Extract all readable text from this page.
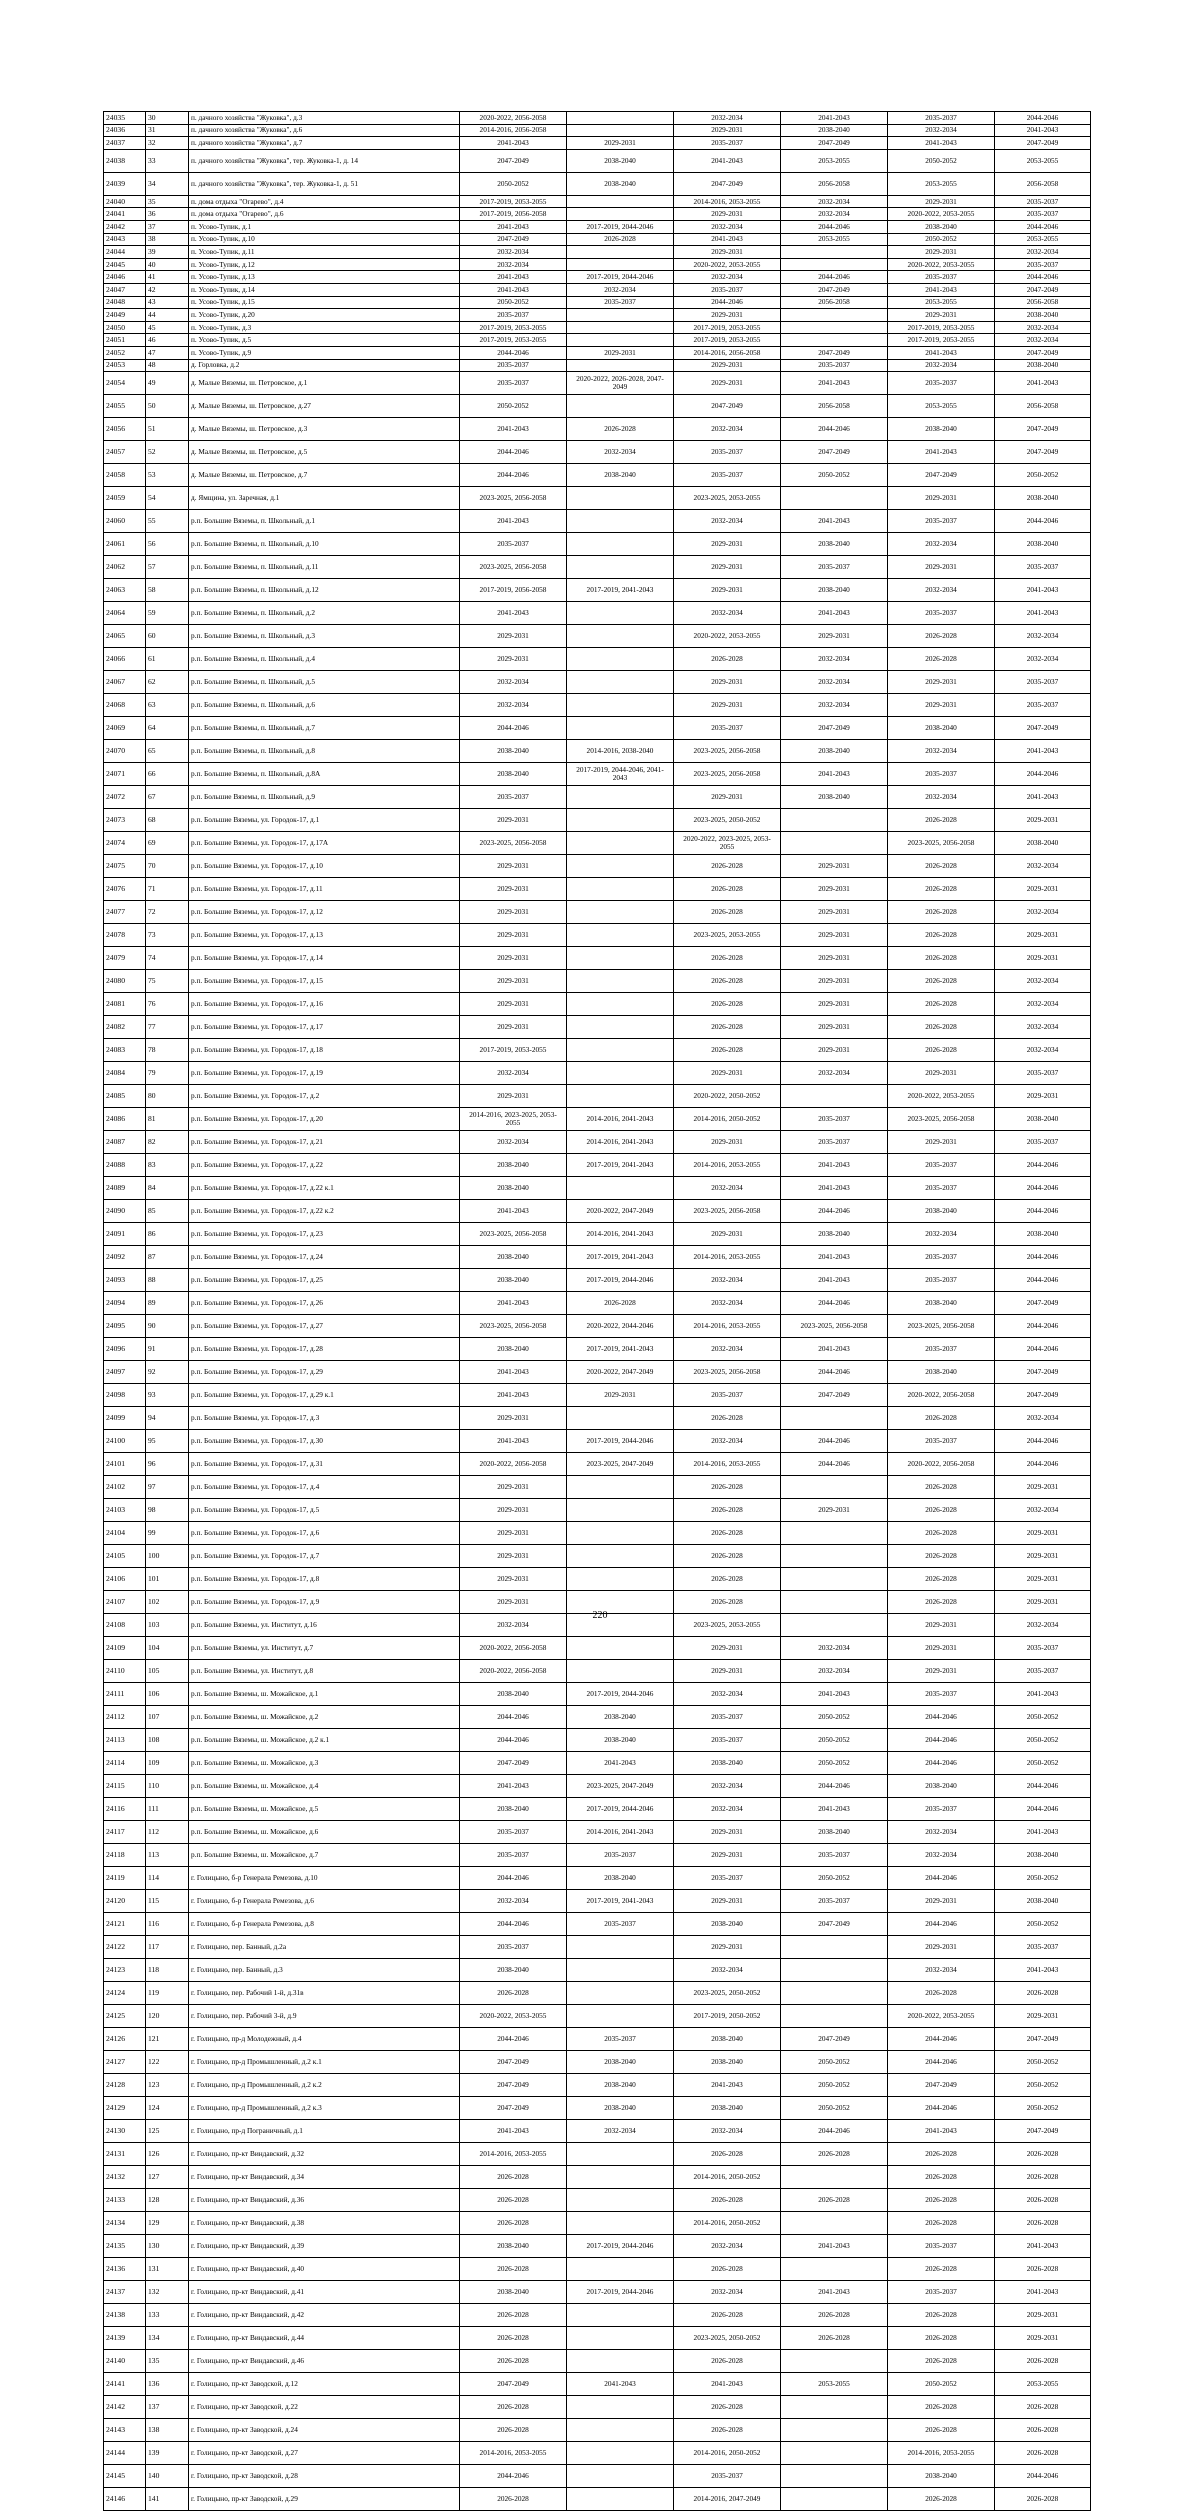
24035	30	п. дачного хозяйства "Жуковка", д.3	2020-2022, 2056-2058		2032-2034	2041-2043	2035-2037	2044-2046
24036	31	п. дачного хозяйства "Жуковка", д.6	2014-2016, 2056-2058		2029-2031	2038-2040	2032-2034	2041-2043
24037	32	п. дачного хозяйства "Жуковка", д.7	2041-2043	2029-2031	2035-2037	2047-2049	2041-2043	2047-2049
24038	33	п. дачного хозяйства "Жуковка", тер. Жуковка-1, д. 14	2047-2049	2038-2040	2041-2043	2053-2055	2050-2052	2053-2055
24039	34	п. дачного хозяйства "Жуковка", тер. Жуковка-1, д. 51	2050-2052	2038-2040	2047-2049	2056-2058	2053-2055	2056-2058
24040	35	п. дома отдыха "Огарево", д.4	2017-2019, 2053-2055		2014-2016, 2053-2055	2032-2034	2029-2031	2035-2037
24041	36	п. дома отдыха "Огарево", д.6	2017-2019, 2056-2058		2029-2031	2032-2034	2020-2022, 2053-2055	2035-2037
24042	37	п. Усово-Тупик, д.1	2041-2043	2017-2019, 2044-2046	2032-2034	2044-2046	2038-2040	2044-2046
24043	38	п. Усово-Тупик, д.10	2047-2049	2026-2028	2041-2043	2053-2055	2050-2052	2053-2055
24044	39	п. Усово-Тупик, д.11	2032-2034		2029-2031		2029-2031	2032-2034
24045	40	п. Усово-Тупик, д.12	2032-2034		2020-2022, 2053-2055		2020-2022, 2053-2055	2035-2037
24046	41	п. Усово-Тупик, д.13	2041-2043	2017-2019, 2044-2046	2032-2034	2044-2046	2035-2037	2044-2046
24047	42	п. Усово-Тупик, д.14	2041-2043	2032-2034	2035-2037	2047-2049	2041-2043	2047-2049
24048	43	п. Усово-Тупик, д.15	2050-2052	2035-2037	2044-2046	2056-2058	2053-2055	2056-2058
24049	44	п. Усово-Тупик, д.20	2035-2037		2029-2031		2029-2031	2038-2040
24050	45	п. Усово-Тупик, д.3	2017-2019, 2053-2055		2017-2019, 2053-2055		2017-2019, 2053-2055	2032-2034
24051	46	п. Усово-Тупик, д.5	2017-2019, 2053-2055		2017-2019, 2053-2055		2017-2019, 2053-2055	2032-2034
24052	47	п. Усово-Тупик, д.9	2044-2046	2029-2031	2014-2016, 2056-2058	2047-2049	2041-2043	2047-2049
24053	48	д. Горловка, д.2	2035-2037		2029-2031	2035-2037	2032-2034	2038-2040
24054	49	д. Малые Вяземы, ш. Петровское, д.1	2035-2037	2020-2022, 2026-2028, 2047-2049	2029-2031	2041-2043	2035-2037	2041-2043
24055	50	д. Малые Вяземы, ш. Петровское, д.27	2050-2052		2047-2049	2056-2058	2053-2055	2056-2058
24056	51	д. Малые Вяземы, ш. Петровское, д.3	2041-2043	2026-2028	2032-2034	2044-2046	2038-2040	2047-2049
24057	52	д. Малые Вяземы, ш. Петровское, д.5	2044-2046	2032-2034	2035-2037	2047-2049	2041-2043	2047-2049
24058	53	д. Малые Вяземы, ш. Петровское, д.7	2044-2046	2038-2040	2035-2037	2050-2052	2047-2049	2050-2052
24059	54	д. Ямщина, ул. Заречная, д.1	2023-2025, 2056-2058		2023-2025, 2053-2055		2029-2031	2038-2040
24060	55	р.п. Большие Вяземы, п. Школьный, д.1	2041-2043		2032-2034	2041-2043	2035-2037	2044-2046
24061	56	р.п. Большие Вяземы, п. Школьный, д.10	2035-2037		2029-2031	2038-2040	2032-2034	2038-2040
24062	57	р.п. Большие Вяземы, п. Школьный, д.11	2023-2025, 2056-2058		2029-2031	2035-2037	2029-2031	2035-2037
24063	58	р.п. Большие Вяземы, п. Школьный, д.12	2017-2019, 2056-2058	2017-2019, 2041-2043	2029-2031	2038-2040	2032-2034	2041-2043
24064	59	р.п. Большие Вяземы, п. Школьный, д.2	2041-2043		2032-2034	2041-2043	2035-2037	2041-2043
24065	60	р.п. Большие Вяземы, п. Школьный, д.3	2029-2031		2020-2022, 2053-2055	2029-2031	2026-2028	2032-2034
24066	61	р.п. Большие Вяземы, п. Школьный, д.4	2029-2031		2026-2028	2032-2034	2026-2028	2032-2034
24067	62	р.п. Большие Вяземы, п. Школьный, д.5	2032-2034		2029-2031	2032-2034	2029-2031	2035-2037
24068	63	р.п. Большие Вяземы, п. Школьный, д.6	2032-2034		2029-2031	2032-2034	2029-2031	2035-2037
24069	64	р.п. Большие Вяземы, п. Школьный, д.7	2044-2046		2035-2037	2047-2049	2038-2040	2047-2049
24070	65	р.п. Большие Вяземы, п. Школьный, д.8	2038-2040	2014-2016, 2038-2040	2023-2025, 2056-2058	2038-2040	2032-2034	2041-2043
24071	66	р.п. Большие Вяземы, п. Школьный, д.8А	2038-2040	2017-2019, 2044-2046, 2041-2043	2023-2025, 2056-2058	2041-2043	2035-2037	2044-2046
24072	67	р.п. Большие Вяземы, п. Школьный, д.9	2035-2037		2029-2031	2038-2040	2032-2034	2041-2043
24073	68	р.п. Большие Вяземы, ул. Городок-17, д.1	2029-2031		2023-2025, 2050-2052		2026-2028	2029-2031
24074	69	р.п. Большие Вяземы, ул. Городок-17, д.17А	2023-2025, 2056-2058		2020-2022, 2023-2025, 2053-2055		2023-2025, 2056-2058	2038-2040
24075	70	р.п. Большие Вяземы, ул. Городок-17, д.10	2029-2031		2026-2028	2029-2031	2026-2028	2032-2034
24076	71	р.п. Большие Вяземы, ул. Городок-17, д.11	2029-2031		2026-2028	2029-2031	2026-2028	2029-2031
24077	72	р.п. Большие Вяземы, ул. Городок-17, д.12	2029-2031		2026-2028	2029-2031	2026-2028	2032-2034
24078	73	р.п. Большие Вяземы, ул. Городок-17, д.13	2029-2031		2023-2025, 2053-2055	2029-2031	2026-2028	2029-2031
24079	74	р.п. Большие Вяземы, ул. Городок-17, д.14	2029-2031		2026-2028	2029-2031	2026-2028	2029-2031
24080	75	р.п. Большие Вяземы, ул. Городок-17, д.15	2029-2031		2026-2028	2029-2031	2026-2028	2032-2034
24081	76	р.п. Большие Вяземы, ул. Городок-17, д.16	2029-2031		2026-2028	2029-2031	2026-2028	2032-2034
24082	77	р.п. Большие Вяземы, ул. Городок-17, д.17	2029-2031		2026-2028	2029-2031	2026-2028	2032-2034
24083	78	р.п. Большие Вяземы, ул. Городок-17, д.18	2017-2019, 2053-2055		2026-2028	2029-2031	2026-2028	2032-2034
24084	79	р.п. Большие Вяземы, ул. Городок-17, д.19	2032-2034		2029-2031	2032-2034	2029-2031	2035-2037
24085	80	р.п. Большие Вяземы, ул. Городок-17, д.2	2029-2031		2020-2022, 2050-2052		2020-2022, 2053-2055	2029-2031
24086	81	р.п. Большие Вяземы, ул. Городок-17, д.20	2014-2016, 2023-2025, 2053-2055	2014-2016, 2041-2043	2014-2016, 2050-2052	2035-2037	2023-2025, 2056-2058	2038-2040
24087	82	р.п. Большие Вяземы, ул. Городок-17, д.21	2032-2034	2014-2016, 2041-2043	2029-2031	2035-2037	2029-2031	2035-2037
24088	83	р.п. Большие Вяземы, ул. Городок-17, д.22	2038-2040	2017-2019, 2041-2043	2014-2016, 2053-2055	2041-2043	2035-2037	2044-2046
24089	84	р.п. Большие Вяземы, ул. Городок-17, д.22 к.1	2038-2040		2032-2034	2041-2043	2035-2037	2044-2046
24090	85	р.п. Большие Вяземы, ул. Городок-17, д.22 к.2	2041-2043	2020-2022, 2047-2049	2023-2025, 2056-2058	2044-2046	2038-2040	2044-2046
24091	86	р.п. Большие Вяземы, ул. Городок-17, д.23	2023-2025, 2056-2058	2014-2016, 2041-2043	2029-2031	2038-2040	2032-2034	2038-2040
24092	87	р.п. Большие Вяземы, ул. Городок-17, д.24	2038-2040	2017-2019, 2041-2043	2014-2016, 2053-2055	2041-2043	2035-2037	2044-2046
24093	88	р.п. Большие Вяземы, ул. Городок-17, д.25	2038-2040	2017-2019, 2044-2046	2032-2034	2041-2043	2035-2037	2044-2046
24094	89	р.п. Большие Вяземы, ул. Городок-17, д.26	2041-2043	2026-2028	2032-2034	2044-2046	2038-2040	2047-2049
24095	90	р.п. Большие Вяземы, ул. Городок-17, д.27	2023-2025, 2056-2058	2020-2022, 2044-2046	2014-2016, 2053-2055	2023-2025, 2056-2058	2023-2025, 2056-2058	2044-2046
24096	91	р.п. Большие Вяземы, ул. Городок-17, д.28	2038-2040	2017-2019, 2041-2043	2032-2034	2041-2043	2035-2037	2044-2046
24097	92	р.п. Большие Вяземы, ул. Городок-17, д.29	2041-2043	2020-2022, 2047-2049	2023-2025, 2056-2058	2044-2046	2038-2040	2047-2049
24098	93	р.п. Большие Вяземы, ул. Городок-17, д.29 к.1	2041-2043	2029-2031	2035-2037	2047-2049	2020-2022, 2056-2058	2047-2049
24099	94	р.п. Большие Вяземы, ул. Городок-17, д.3	2029-2031		2026-2028		2026-2028	2032-2034
24100	95	р.п. Большие Вяземы, ул. Городок-17, д.30	2041-2043	2017-2019, 2044-2046	2032-2034	2044-2046	2035-2037	2044-2046
24101	96	р.п. Большие Вяземы, ул. Городок-17, д.31	2020-2022, 2056-2058	2023-2025, 2047-2049	2014-2016, 2053-2055	2044-2046	2020-2022, 2056-2058	2044-2046
24102	97	р.п. Большие Вяземы, ул. Городок-17, д.4	2029-2031		2026-2028		2026-2028	2029-2031
24103	98	р.п. Большие Вяземы, ул. Городок-17, д.5	2029-2031		2026-2028	2029-2031	2026-2028	2032-2034
24104	99	р.п. Большие Вяземы, ул. Городок-17, д.6	2029-2031		2026-2028		2026-2028	2029-2031
24105	100	р.п. Большие Вяземы, ул. Городок-17, д.7	2029-2031		2026-2028		2026-2028	2029-2031
24106	101	р.п. Большие Вяземы, ул. Городок-17, д.8	2029-2031		2026-2028		2026-2028	2029-2031
24107	102	р.п. Большие Вяземы, ул. Городок-17, д.9	2029-2031		2026-2028		2026-2028	2029-2031
24108	103	р.п. Большие Вяземы, ул. Институт, д.16	2032-2034		2023-2025, 2053-2055		2029-2031	2032-2034
24109	104	р.п. Большие Вяземы, ул. Институт, д.7	2020-2022, 2056-2058		2029-2031	2032-2034	2029-2031	2035-2037
24110	105	р.п. Большие Вяземы, ул. Институт, д.8	2020-2022, 2056-2058		2029-2031	2032-2034	2029-2031	2035-2037
24111	106	р.п. Большие Вяземы, ш. Можайское, д.1	2038-2040	2017-2019, 2044-2046	2032-2034	2041-2043	2035-2037	2041-2043
24112	107	р.п. Большие Вяземы, ш. Можайское, д.2	2044-2046	2038-2040	2035-2037	2050-2052	2044-2046	2050-2052
24113	108	р.п. Большие Вяземы, ш. Можайское, д.2 к.1	2044-2046	2038-2040	2035-2037	2050-2052	2044-2046	2050-2052
24114	109	р.п. Большие Вяземы, ш. Можайское, д.3	2047-2049	2041-2043	2038-2040	2050-2052	2044-2046	2050-2052
24115	110	р.п. Большие Вяземы, ш. Можайское, д.4	2041-2043	2023-2025, 2047-2049	2032-2034	2044-2046	2038-2040	2044-2046
24116	111	р.п. Большие Вяземы, ш. Можайское, д.5	2038-2040	2017-2019, 2044-2046	2032-2034	2041-2043	2035-2037	2044-2046
24117	112	р.п. Большие Вяземы, ш. Можайское, д.6	2035-2037	2014-2016, 2041-2043	2029-2031	2038-2040	2032-2034	2041-2043
24118	113	р.п. Большие Вяземы, ш. Можайское, д.7	2035-2037	2035-2037	2029-2031	2035-2037	2032-2034	2038-2040
24119	114	г. Голицыно, б-р Генерала Ремезова, д.10	2044-2046	2038-2040	2035-2037	2050-2052	2044-2046	2050-2052
24120	115	г. Голицыно, б-р Генерала Ремезова, д.6	2032-2034	2017-2019, 2041-2043	2029-2031	2035-2037	2029-2031	2038-2040
24121	116	г. Голицыно, б-р Генерала Ремезова, д.8	2044-2046	2035-2037	2038-2040	2047-2049	2044-2046	2050-2052
24122	117	г. Голицыно, пер. Банный, д.2а	2035-2037		2029-2031		2029-2031	2035-2037
24123	118	г. Голицыно, пер. Банный, д.3	2038-2040		2032-2034		2032-2034	2041-2043
24124	119	г. Голицыно, пер. Рабочий 1-й, д.31в	2026-2028		2023-2025, 2050-2052		2026-2028	2026-2028
24125	120	г. Голицыно, пер. Рабочий 3-й, д.9	2020-2022, 2053-2055		2017-2019, 2050-2052		2020-2022, 2053-2055	2029-2031
24126	121	г. Голицыно, пр-д Молодежный, д.4	2044-2046	2035-2037	2038-2040	2047-2049	2044-2046	2047-2049
24127	122	г. Голицыно, пр-д Промышленный, д.2 к.1	2047-2049	2038-2040	2038-2040	2050-2052	2044-2046	2050-2052
24128	123	г. Голицыно, пр-д Промышленный, д.2 к.2	2047-2049	2038-2040	2041-2043	2050-2052	2047-2049	2050-2052
24129	124	г. Голицыно, пр-д Промышленный, д.2 к.3	2047-2049	2038-2040	2038-2040	2050-2052	2044-2046	2050-2052
24130	125	г. Голицыно, пр-д Пограничный, д.1	2041-2043	2032-2034	2032-2034	2044-2046	2041-2043	2047-2049
24131	126	г. Голицыно, пр-кт Виндавский, д.32	2014-2016, 2053-2055		2026-2028	2026-2028	2026-2028	2026-2028
24132	127	г. Голицыно, пр-кт Виндавский, д.34	2026-2028		2014-2016, 2050-2052		2026-2028	2026-2028
24133	128	г. Голицыно, пр-кт Виндавский, д.36	2026-2028		2026-2028	2026-2028	2026-2028	2026-2028
24134	129	г. Голицыно, пр-кт Виндавский, д.38	2026-2028		2014-2016, 2050-2052		2026-2028	2026-2028
24135	130	г. Голицыно, пр-кт Виндавский, д.39	2038-2040	2017-2019, 2044-2046	2032-2034	2041-2043	2035-2037	2041-2043
24136	131	г. Голицыно, пр-кт Виндавский, д.40	2026-2028		2026-2028		2026-2028	2026-2028
24137	132	г. Голицыно, пр-кт Виндавский, д.41	2038-2040	2017-2019, 2044-2046	2032-2034	2041-2043	2035-2037	2041-2043
24138	133	г. Голицыно, пр-кт Виндавский, д.42	2026-2028		2026-2028	2026-2028	2026-2028	2029-2031
24139	134	г. Голицыно, пр-кт Виндавский, д.44	2026-2028		2023-2025, 2050-2052	2026-2028	2026-2028	2029-2031
24140	135	г. Голицыно, пр-кт Виндавский, д.46	2026-2028		2026-2028		2026-2028	2026-2028
24141	136	г. Голицыно, пр-кт Заводской, д.12	2047-2049	2041-2043	2041-2043	2053-2055	2050-2052	2053-2055
24142	137	г. Голицыно, пр-кт Заводской, д.22	2026-2028		2026-2028		2026-2028	2026-2028
24143	138	г. Голицыно, пр-кт Заводской, д.24	2026-2028		2026-2028		2026-2028	2026-2028
24144	139	г. Голицыно, пр-кт Заводской, д.27	2014-2016, 2053-2055		2014-2016, 2050-2052		2014-2016, 2053-2055	2026-2028
24145	140	г. Голицыно, пр-кт Заводской, д.28	2044-2046		2035-2037		2038-2040	2044-2046
24146	141	г. Голицыно, пр-кт Заводской, д.29	2026-2028		2014-2016, 2047-2049		2026-2028	2026-2028
220
